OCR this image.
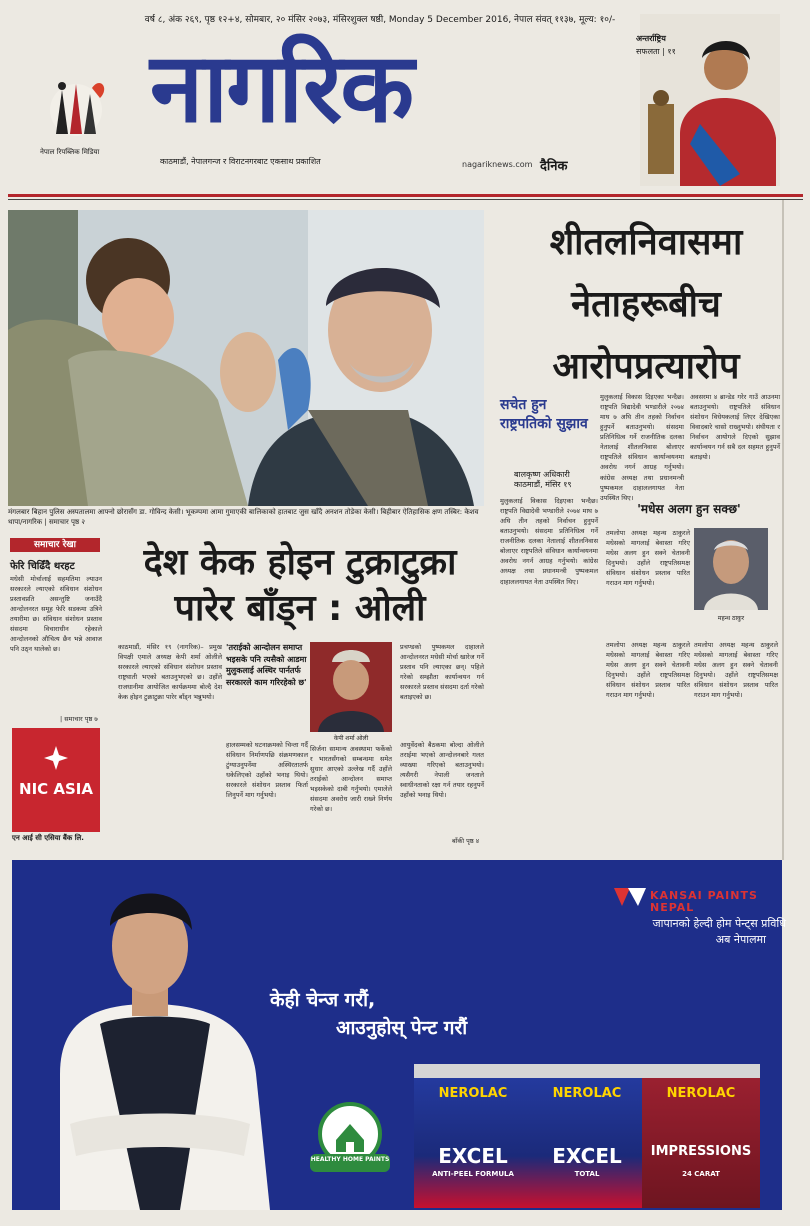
वर्ष ८, अंक २६९, पृष्ठ १२+४, सोमबार, २० मंसिर २०७३, मंसिरशुक्ल षष्ठी, Monday 5 December 2016, नेपाल संवत् ११३७, मूल्य: १०/-
नेपाल रिपब्लिक मिडिया
नागरिक
काठमाडौं, नेपालगन्ज र विराटनगरबाट एकसाथ प्रकाशित	nagariknews.com दैनिक
अन्तर्राष्ट्रिय
सफलता | ११
मंगलबार बिहान पुलिस अस्पतालमा आफ्नो छोरासँग डा. गोविन्द केसी। भूकम्पमा आमा गुमाएकी बालिकाको हातबाट जुस खाँदै अनशन तोडेका केसी। बिहीबार ऐतिहासिक क्षण तस्बिर: केशव थापा/नागरिक | समाचार पृष्ठ २
शीतलनिवासमा
नेताहरूबीच
आरोपप्रत्यारोप
सचेत हुन राष्ट्रपतिको सुझाव
बालकृष्ण अधिकारी
काठमाडौं, मंसिर १९
मुलुकलाई विकास दिइएका भन्दैछ। राष्ट्रपति विद्यादेवी भण्डारीले २०७४ माघ ७ अघि तीन तहको निर्वाचन हुनुपर्ने बताउनुभयो। संसदमा प्रतिनिधित्व गर्ने राजनीतिक दलका नेतालाई शीतलनिवास बोलाएर राष्ट्रपतिले संविधान कार्यान्वयनमा अवरोध नगर्न आग्रह गर्नुभयो। कांग्रेस अध्यक्ष तथा प्रधानमन्त्री पुष्पकमल दाहाललगायत नेता उपस्थित थिए।
अवसरमा ४ ब्रान्डेड गरेर गाउँ आउनमा बताउनुभयो। राष्ट्रपतिले संविधान संशोधन विधेयकलाई लिएर देखिएका विवादबारे चासो राख्नुभयो। संघीयता र निर्वाचन आयोगले दिएको सुझाव कार्यान्वयन गर्न सबै दल सहमत हुनुपर्ने बताइयो।
मुलुकलाई विकास दिइएका भन्दैछ। राष्ट्रपति विद्यादेवी भण्डारीले २०७४ माघ ७ अघि तीन तहको निर्वाचन हुनुपर्ने बताउनुभयो। संसदमा प्रतिनिधित्व गर्ने राजनीतिक दलका नेतालाई शीतलनिवास बोलाएर राष्ट्रपतिले संविधान कार्यान्वयनमा अवरोध नगर्न आग्रह गर्नुभयो। कांग्रेस अध्यक्ष तथा प्रधानमन्त्री पुष्पकमल दाहाललगायत नेता उपस्थित थिए।
'मधेस अलग हुन सक्छ'
महन्थ ठाकुर
तमलोपा अध्यक्ष महन्थ ठाकुरले मधेसको मागलाई बेवास्ता गरिए मधेस अलग हुन सक्ने चेतावनी दिनुभयो। उहाँले राष्ट्रपतिसमक्ष संविधान संशोधन प्रस्ताव पारित गराउन माग गर्नुभयो।
तमलोपा अध्यक्ष महन्थ ठाकुरले मधेसको मागलाई बेवास्ता गरिए मधेस अलग हुन सक्ने चेतावनी दिनुभयो। उहाँले राष्ट्रपतिसमक्ष संविधान संशोधन प्रस्ताव पारित गराउन माग गर्नुभयो।
तमलोपा अध्यक्ष महन्थ ठाकुरले मधेसको मागलाई बेवास्ता गरिए मधेस अलग हुन सक्ने चेतावनी दिनुभयो। उहाँले राष्ट्रपतिसमक्ष संविधान संशोधन प्रस्ताव पारित गराउन माग गर्नुभयो।
समाचार रेखा
फेरि चिढिँदै थरहट
मधेसी मोर्चालाई सहमतिमा ल्याउन सरकारले ल्याएको संविधान संशोधन प्रस्तावप्रति असन्तुष्टि जनाउँदै आन्दोलनरत समूह फेरि सडकमा उत्रिने तयारीमा छ। संविधान संशोधन प्रस्ताव संसदमा विचाराधीन रहेकाले आन्दोलनको औचित्य छैन भन्ने आवाज पनि उठ्न थालेको छ।
| समाचार पृष्ठ ७
NIC ASIA
एन आई सी एसिया बैंक लि.
देश केक होइन टुक्राटुक्रा
पारेर बाँड्न : ओली
काठमाडौं, मंसिर १९ (नागरिक)– प्रमुख विपक्षी एमाले अध्यक्ष केपी शर्मा ओलीले सरकारले ल्याएको संविधान संशोधन प्रस्ताव राष्ट्रघाती भएको बताउनुभएको छ। उहाँले राजधानीमा आयोजित कार्यक्रममा बोल्दै देश केक होइन टुक्राटुक्रा पारेर बाँड्न भन्नुभयो।
'तराईको आन्दोलन समाप्त भइसके पनि त्यसैको आडमा मुलुकलाई अस्थिर पार्नतर्फ सरकारले काम गरिरहेको छ'
हालसम्मको घटनाक्रमको चिन्ता गर्दै संविधान निर्माणपछि संक्रमणकाल टुंग्याउनुपर्नेमा अस्थिरतातर्फ धकेलिएको उहाँको भनाइ थियो। सरकारले संशोधन प्रस्ताव फिर्ता लिनुपर्ने माग गर्नुभयो।
केपी शर्मा ओली
सिर्जना सामान्य अवस्थामा फर्केको र भारतसँगको सम्बन्धमा समेत सुधार आएको उल्लेख गर्दै उहाँले तराईको आन्दोलन समाप्त भइसकेको दाबी गर्नुभयो। एमालेले संसदमा अवरोध जारी राख्ने निर्णय गरेको छ।
प्रचण्डको पुष्पकमल दाहालले आन्दोलनरत मधेसी मोर्चा खारेज गर्ने प्रस्ताव पनि ल्याएका छन्। पहिले गरेको सम्झौता कार्यान्वयन गर्न सरकारले प्रस्ताव संसदमा दर्ता गरेको बताइएको छ।
आयुर्वेदको बैठकमा बोल्दा ओलीले तराईमा भएको आन्दोलनबारे गलत व्याख्या गरिएको बताउनुभयो। त्यसैगरी नेपाली जनताले स्वाधीनताको रक्षा गर्न तयार रहनुपर्ने उहाँको भनाइ थियो।
बाँकी पृष्ठ ४
KANSAI PAINTS NEPAL
जापानको हेल्दी होम पेन्ट्स प्रविधि
अब नेपालमा
केही चेन्ज गरौं,
आउनुहोस् पेन्ट गरौं
HEALTHY HOME PAINTS
NEROLAC
EXCEL
ANTI-PEEL FORMULA
NEROLAC
EXCEL
TOTAL
NEROLAC
IMPRESSIONS
24 CARAT
